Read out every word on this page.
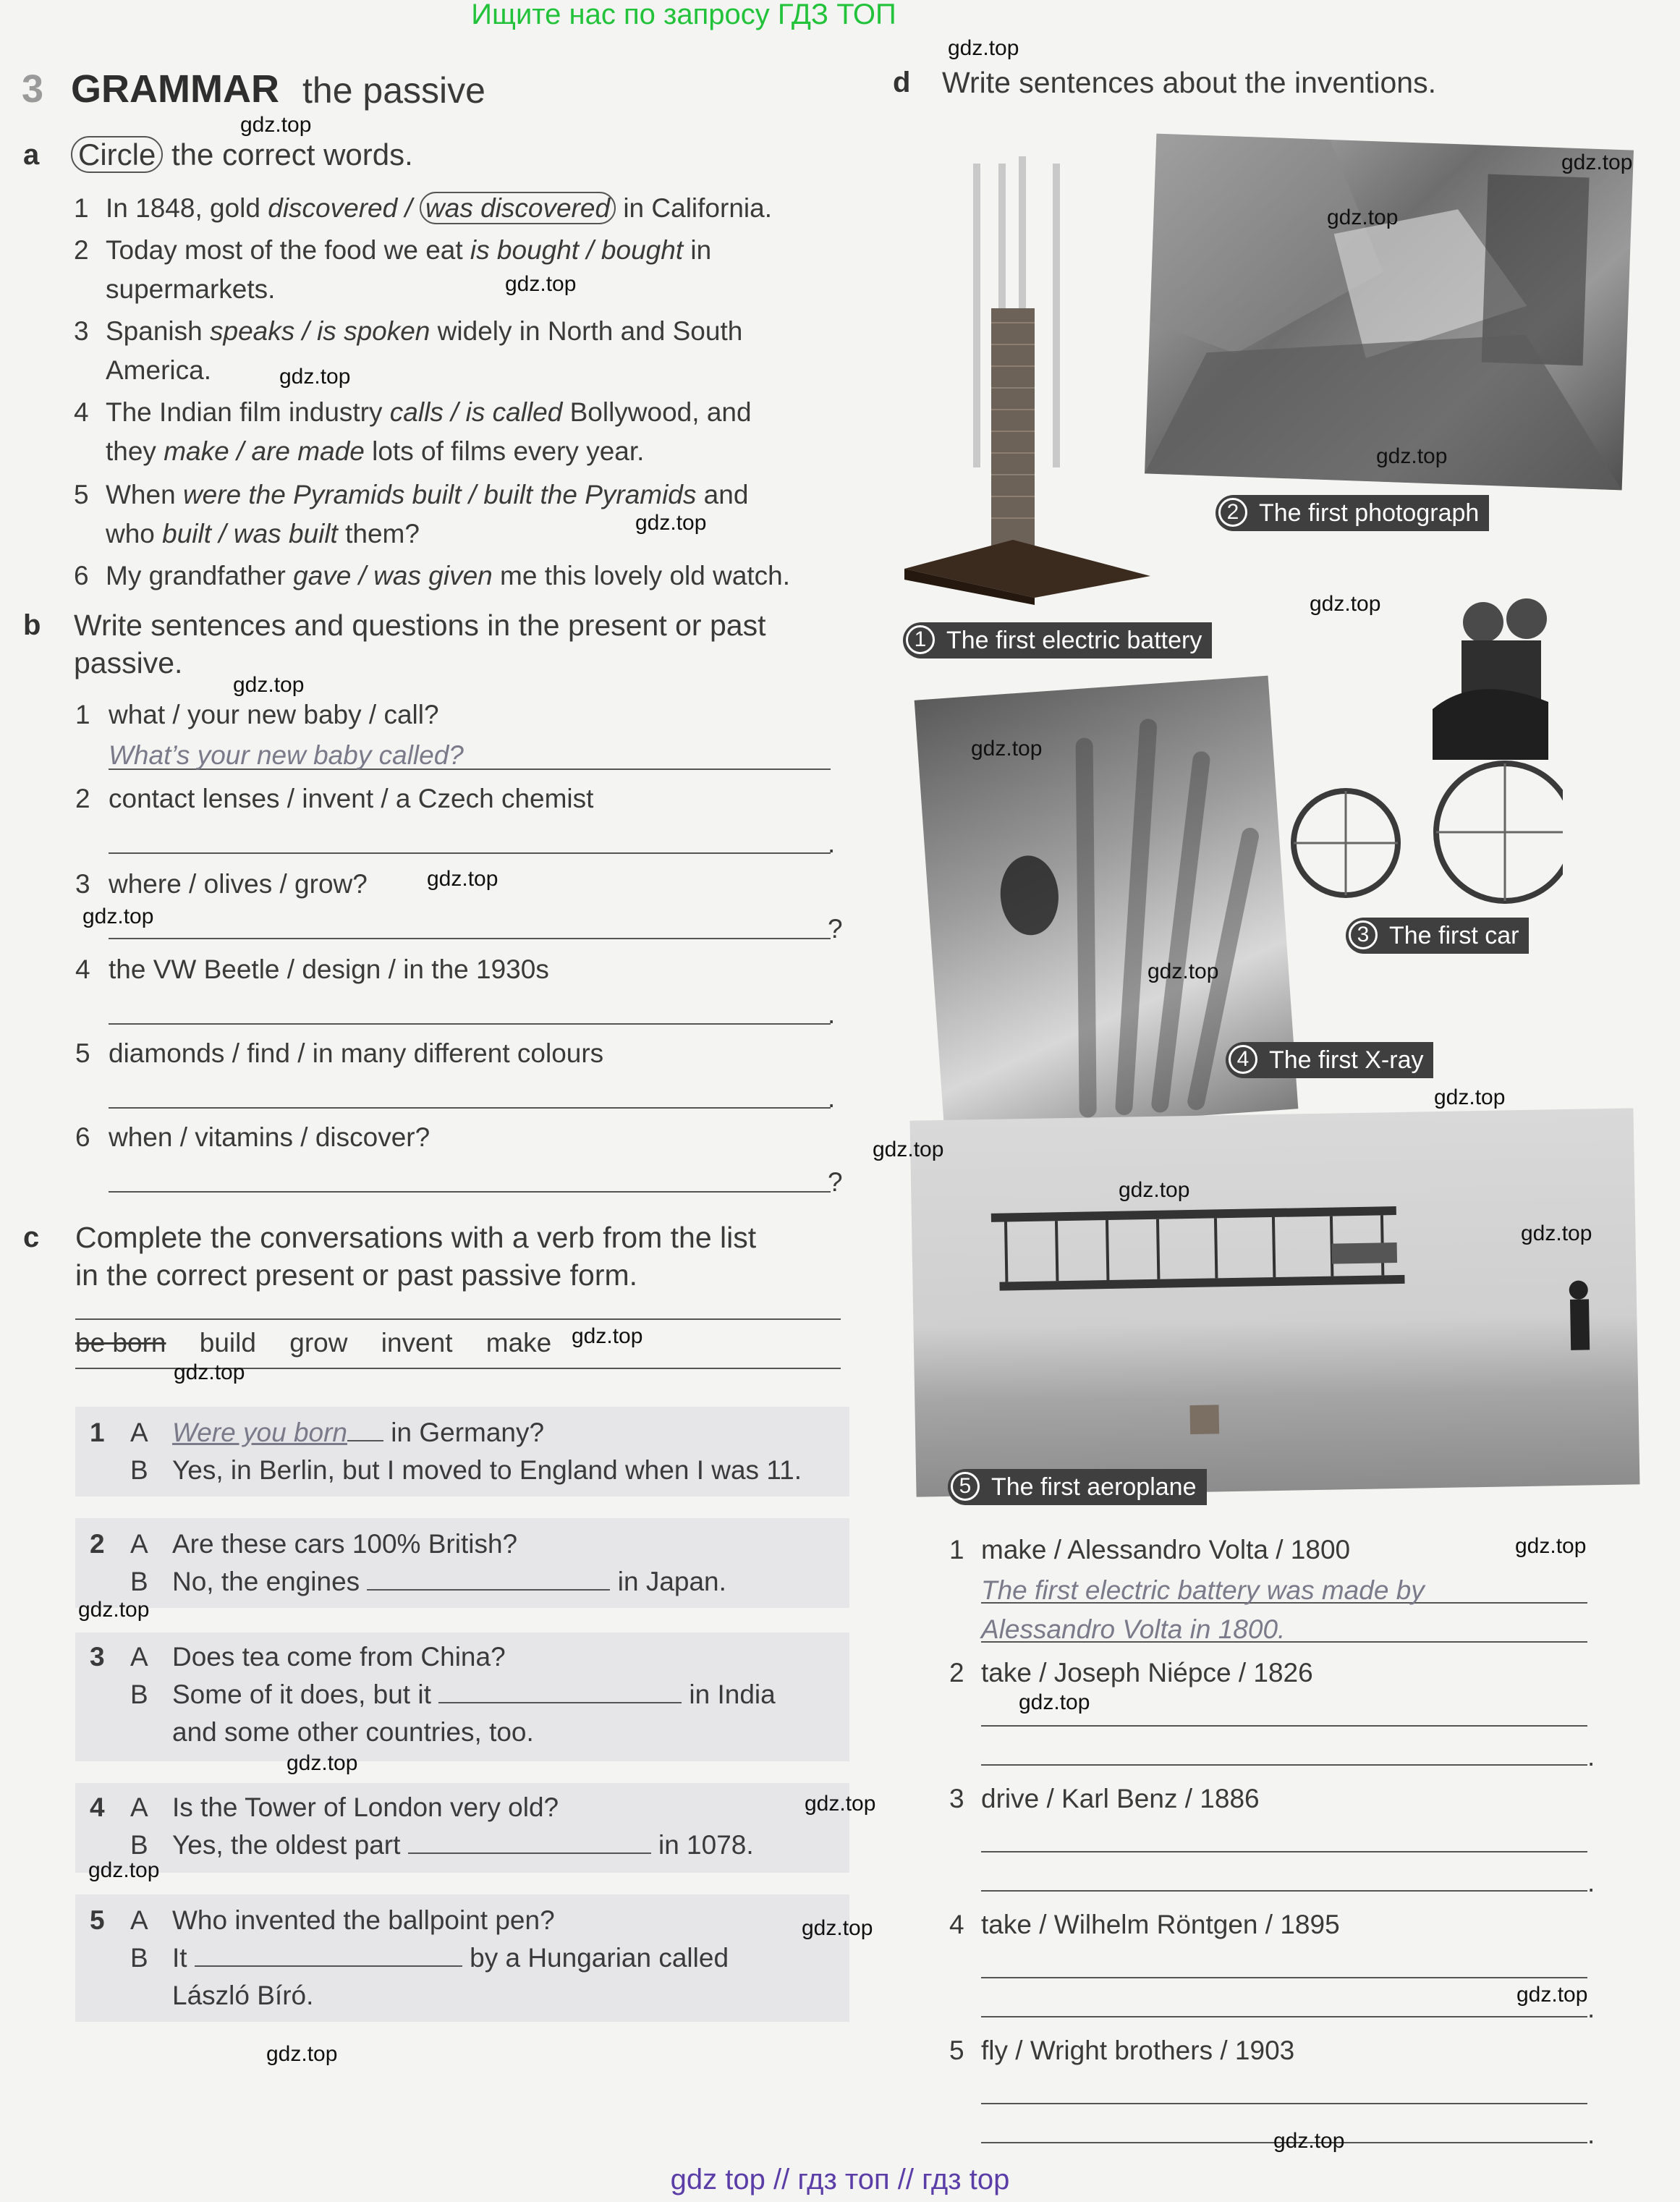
Ищите нас по запросу ГДЗ ТОП
3 GRAMMAR the passive
a Circle the correct words.
1 In 1848, gold discovered / was discovered in California.
2 Today most of the food we eat is bought / bought in
supermarkets.
3 Spanish speaks / is spoken widely in North and South
America.
4 The Indian film industry calls / is called Bollywood, and
they make / are made lots of films every year.
5 When were the Pyramids built / built the Pyramids and
who built / was built them?
6 My grandfather gave / was given me this lovely old watch.
b Write sentences and questions in the present or past
passive.
1 what / your new baby / call?
What’s your new baby called?
2 contact lenses / invent / a Czech chemist
.
3 where / olives / grow?
?
4 the VW Beetle / design / in the 1930s
.
5 diamonds / find / in many different colours
.
6 when / vitamins / discover?
?
c Complete the conversations with a verb from the list
in the correct present or past passive form.
be born build grow invent make
1 A Were you born in Germany?
B Yes, in Berlin, but I moved to England when I was 11.
2 A Are these cars 100% British?
B No, the engines	in Japan.
3 A Does tea come from China?
B Some of it does, but it	in India
and some other countries, too.
4 A Is the Tower of London very old?
B Yes, the oldest part	in 1078.
5 A Who invented the ballpoint pen?
B It	by a Hungarian called
László Bíró.
d Write sentences about the inventions.
1 The first electric battery
2 The first photograph
3 The first car
4 The first X-ray
5 The first aeroplane
1 make / Alessandro Volta / 1800
The first electric battery was made by
Alessandro Volta in 1800.
2 take / Joseph Niépce / 1826
.
3 drive / Karl Benz / 1886
.
4 take / Wilhelm Röntgen / 1895
.
5 fly / Wright brothers / 1903
.
gdz.top
gdz.top
gdz.top
gdz.top
gdz.top
gdz.top
gdz.top
gdz.top
gdz.top
gdz.top
gdz.top
gdz.top
gdz.top
gdz.top
gdz.top
gdz.top
gdz.top
gdz.top
gdz.top
gdz.top
gdz.top
gdz.top
gdz.top
gdz.top
gdz.top
gdz.top
gdz.top
gdz.top
gdz.top
gdz.top
gdz top // гдз топ // гдз top
